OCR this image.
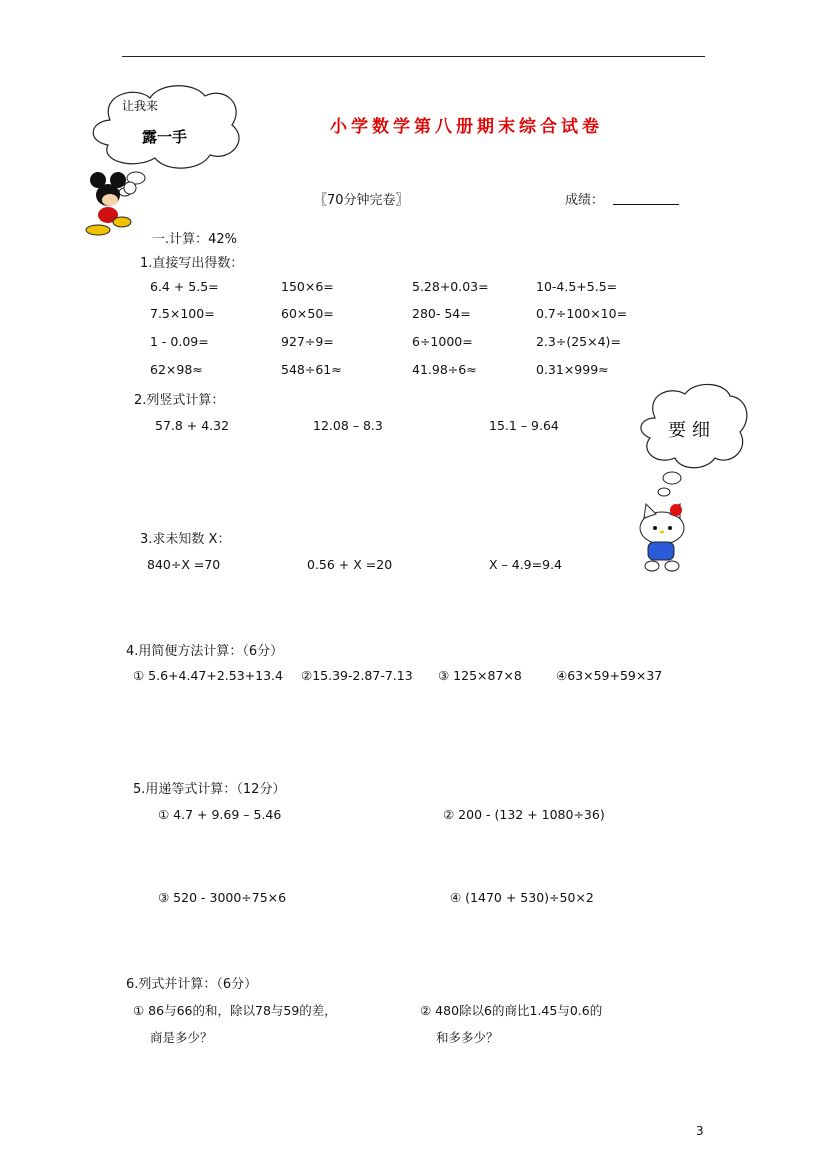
让我来
露一手	小学数学第八册期末综合试卷
〖70分钟完卷〗	成绩：
要细
一.计算：42%
1.直接写出得数：
6.4 + 5.5=	150×6=	5.28+0.03=	10-4.5+5.5=
7.5×100=	60×50=	280- 54=	0.7÷100×10=
1 - 0.09=	927÷9=	6÷1000=	2.3÷(25×4)=
62×98≈	548÷61≈	41.98÷6≈	0.31×999≈
2.列竖式计算：
57.8 + 4.32	12.08 – 8.3	15.1 – 9.64
3.求未知数 X：
840÷X =70	0.56 + X =20	X – 4.9=9.4
4.用简便方法计算：（6分）
① 5.6+4.47+2.53+13.4 ②15.39-2.87-7.13 ③ 125×87×8	④63×59+59×37
5.用递等式计算：（12分）
① 4.7 + 9.69 – 5.46	② 200 - (132 + 1080÷36)
③ 520 - 3000÷75×6	④ (1470 + 530)÷50×2
6.列式并计算：（6分）
① 86与66的和，除以78与59的差，
商是多少？
② 480除以6的商比1.45与0.6的
和多多少？
3
